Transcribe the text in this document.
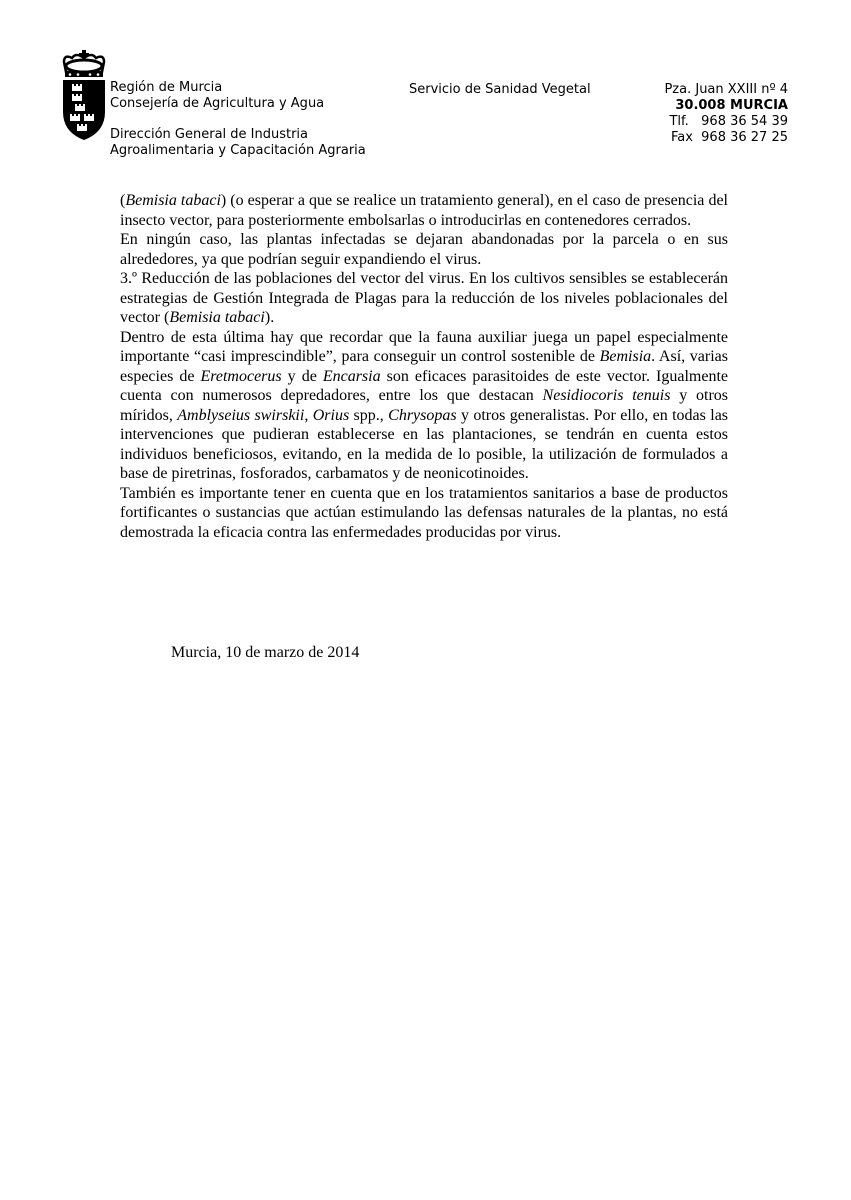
Región de Murcia
Consejería de Agricultura y Agua
Dirección General de Industria
Agroalimentaria y Capacitación Agraria
Servicio de Sanidad Vegetal	Pza. Juan XXIII nº 4
30.008 MURCIA
Tlf.   968 36 54 39
Fax  968 36 27 25

(Bemisia tabaci) (o esperar a que se realice un tratamiento general), en el caso de presencia del insecto vector, para posteriormente embolsarlas o introducirlas en contenedores cerrados.

En ningún caso, las plantas infectadas se dejaran abandonadas por la parcela o en sus alrededores, ya que podrían seguir expandiendo el virus.

3.º Reducción de las poblaciones del vector del virus. En los cultivos sensibles se establecerán estrategias de Gestión Integrada de Plagas para la reducción de los niveles poblacionales del vector (Bemisia tabaci).

Dentro de esta última hay que recordar que la fauna auxiliar juega un papel especialmente importante “casi imprescindible”, para conseguir un control sostenible de Bemisia. Así, varias especies de Eretmocerus y de Encarsia son eficaces parasitoides de este vector. Igualmente cuenta con numerosos depredadores, entre los que destacan Nesidiocoris tenuis y otros míridos, Amblyseius swirskii, Orius spp., Chrysopas y otros generalistas. Por ello, en todas las intervenciones que pudieran establecerse en las plantaciones, se tendrán en cuenta estos individuos beneficiosos, evitando, en la medida de lo posible, la utilización de formulados a base de piretrinas, fosforados, carbamatos y de neonicotinoides.

También es importante tener en cuenta que en los tratamientos sanitarios a base de productos fortificantes o sustancias que actúan estimulando las defensas naturales de la plantas, no está demostrada la eficacia contra las enfermedades producidas por virus.

Murcia, 10 de marzo de 2014
